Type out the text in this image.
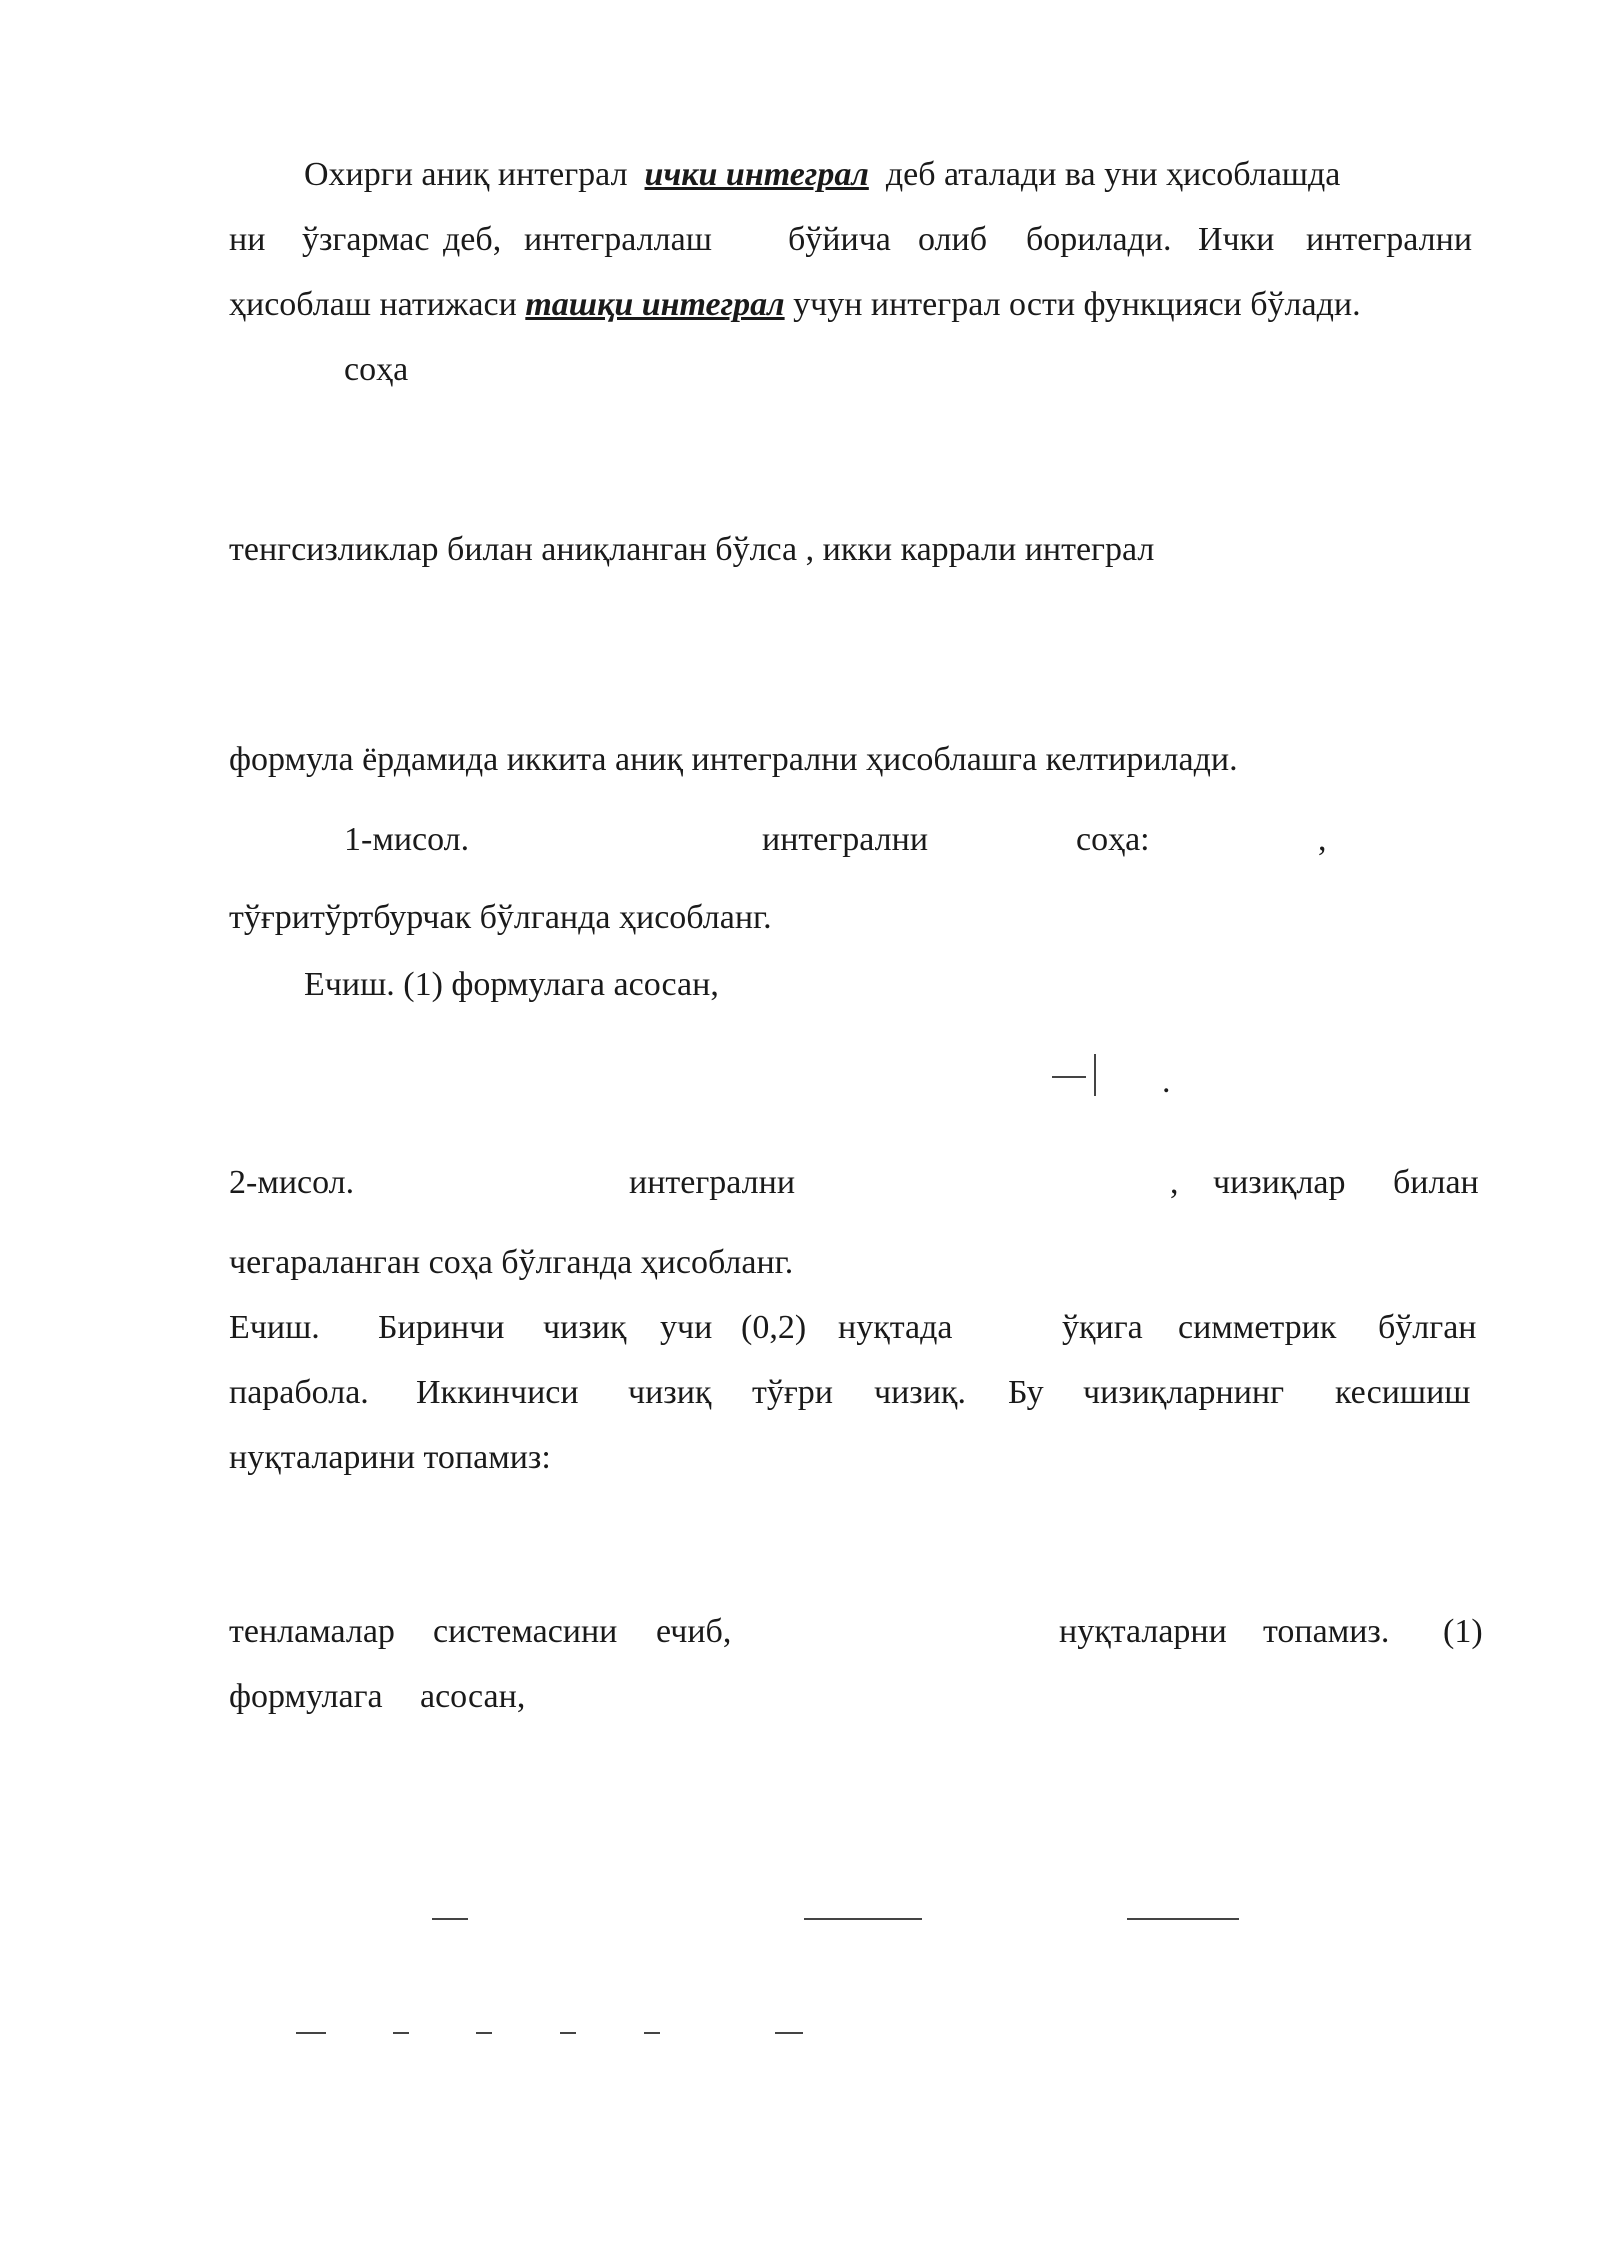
Охирги аниқ интеграл ички интеграл деб аталади ва уни ҳисоблашда
ни ўзгармас деб, интеграллаш бўйича олиб борилади. Ички интегрални
ҳисоблаш натижаси ташқи интеграл учун интеграл ости функцияси бўлади.
соҳа
тенгсизликлар билан аниқланган бўлса , икки каррали интеграл
формула ёрдамида иккита аниқ интегрални ҳисоблашга келтирилади.
1-мисол.	интегрални	соҳа:	,
тўғритўртбурчак бўлганда ҳисобланг.
Ечиш. (1) формулага асосан,
.
2-мисол.	интегрални	, чизиқлар билан
чегараланган соҳа бўлганда ҳисобланг.
Ечиш. Биринчи чизиқ учи (0,2) нуқтада	ўқига симметрик бўлган
парабола. Иккинчиси чизиқ тўғри чизиқ. Бу чизиқларнинг кесишиш
нуқталарини топамиз:
тенламалар системасини ечиб,	нуқталарни топамиз. (1)
формулага асосан,
